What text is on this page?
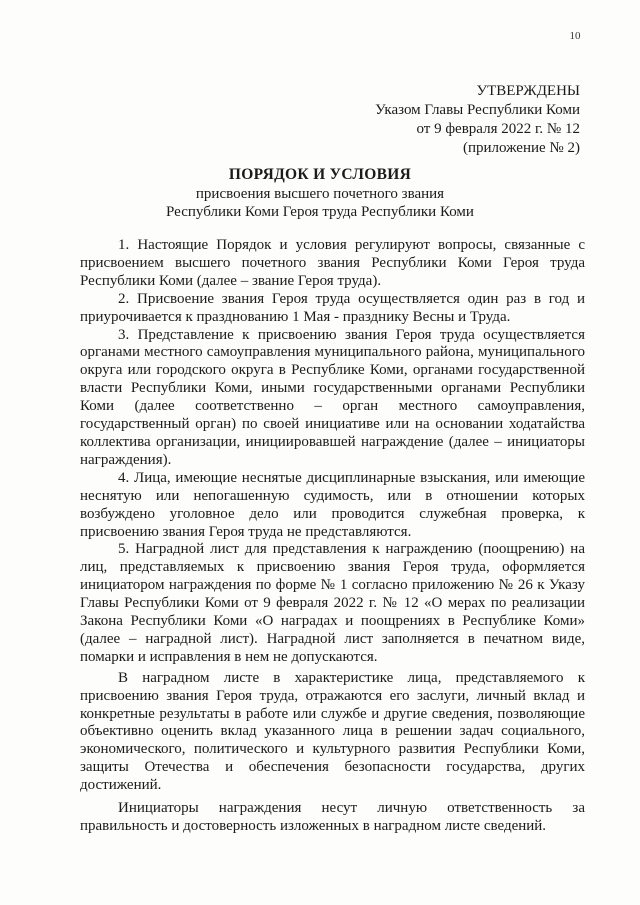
10
УТВЕРЖДЕНЫ
Указом Главы Республики Коми
от 9 февраля 2022 г. № 12
(приложение № 2)
ПОРЯДОК И УСЛОВИЯ
присвоения высшего почетного звания
Республики Коми Героя труда Республики Коми

1. Настоящие Порядок и условия регулируют вопросы, связанные с присвоением высшего почетного звания Республики Коми Героя труда Республики Коми (далее – звание Героя труда).

2. Присвоение звания Героя труда осуществляется один раз в год и приурочивается к празднованию 1 Мая - празднику Весны и Труда.

3. Представление к присвоению звания Героя труда осуществляется органами местного самоуправления муниципального района, муниципального округа или городского округа в Республике Коми, органами государственной власти Республики Коми, иными государственными органами Республики Коми (далее соответственно – орган местного самоуправления, государственный орган) по своей инициативе или на основании ходатайства коллектива организации, инициировавшей награждение (далее – инициаторы награждения).

4. Лица, имеющие неснятые дисциплинарные взыскания, или имеющие неснятую или непогашенную судимость, или в отношении которых возбуждено уголовное дело или проводится служебная проверка, к присвоению звания Героя труда не представляются.

5. Наградной лист для представления к награждению (поощрению) на лиц, представляемых к присвоению звания Героя труда, оформляется инициатором награждения по форме № 1 согласно приложению № 26 к Указу Главы Республики Коми от 9 февраля 2022 г. № 12 «О мерах по реализации Закона Республики Коми «О наградах и поощрениях в Республике Коми» (далее – наградной лист). Наградной лист заполняется в печатном виде, помарки и исправления в нем не допускаются.

В наградном листе в характеристике лица, представляемого к присвоению звания Героя труда, отражаются его заслуги, личный вклад и конкретные результаты в работе или службе и другие сведения, позволяющие объективно оценить вклад указанного лица в решении задач социального, экономического, политического и культурного развития Республики Коми, защиты Отечества и обеспечения безопасности государства, других достижений.

Инициаторы награждения несут личную ответственность за правильность и достоверность изложенных в наградном листе сведений.
